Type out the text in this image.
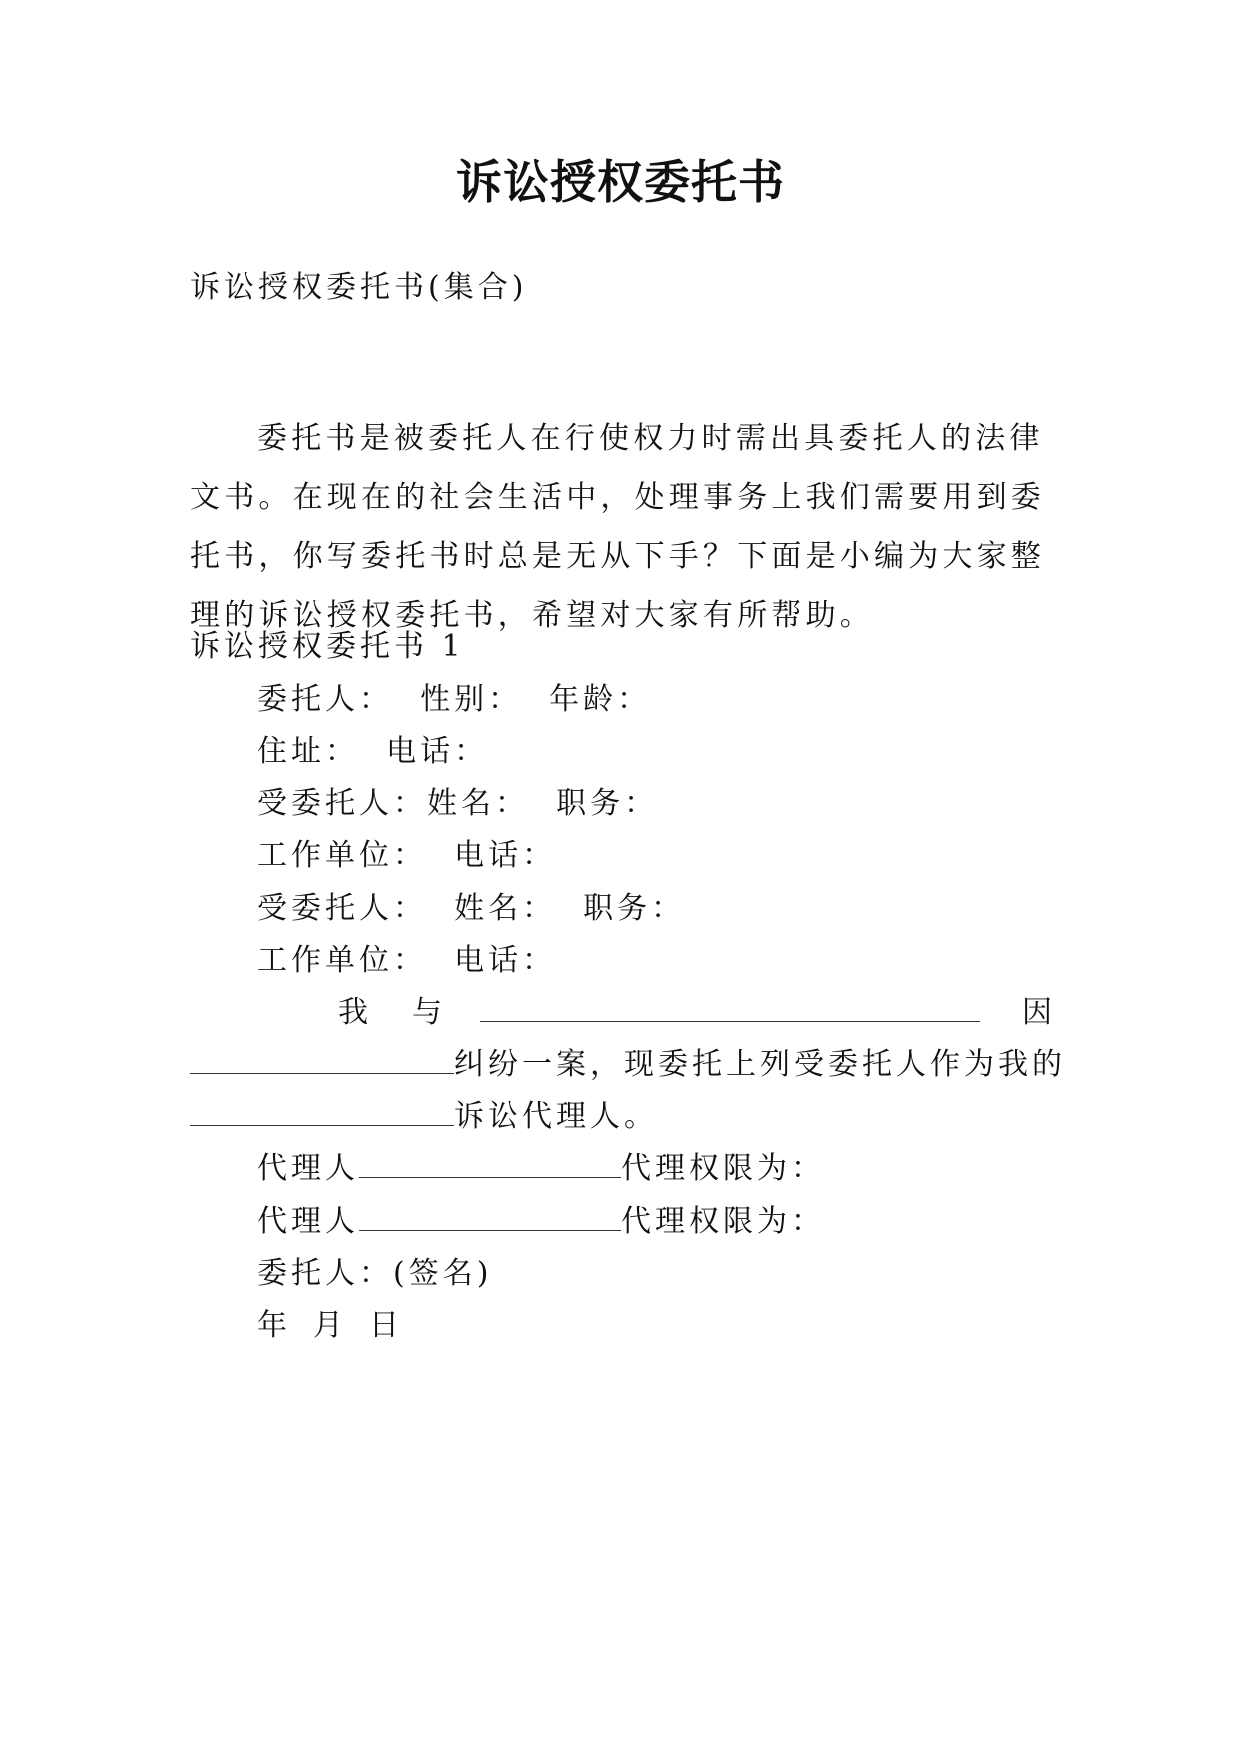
诉讼授权委托书
诉讼授权委托书(集合)
委托书是被委托人在行使权力时需出具委托人的法律文书。在现在的社会生活中，处理事务上我们需要用到委托书，你写委托书时总是无从下手？下面是小编为大家整理的诉讼授权委托书，希望对大家有所帮助。
诉讼授权委托书 1
委托人：  性别：  年龄：
住址：  电话：
受委托人：姓名：  职务：
工作单位：  电话：
受委托人：  姓名：  职务：
工作单位：  电话：
我 与	因
纠纷一案，现委托上列受委托人作为我的
诉讼代理人。
代理人	代理权限为：
代理人	代理权限为：
委托人：(签名)
年 月 日
